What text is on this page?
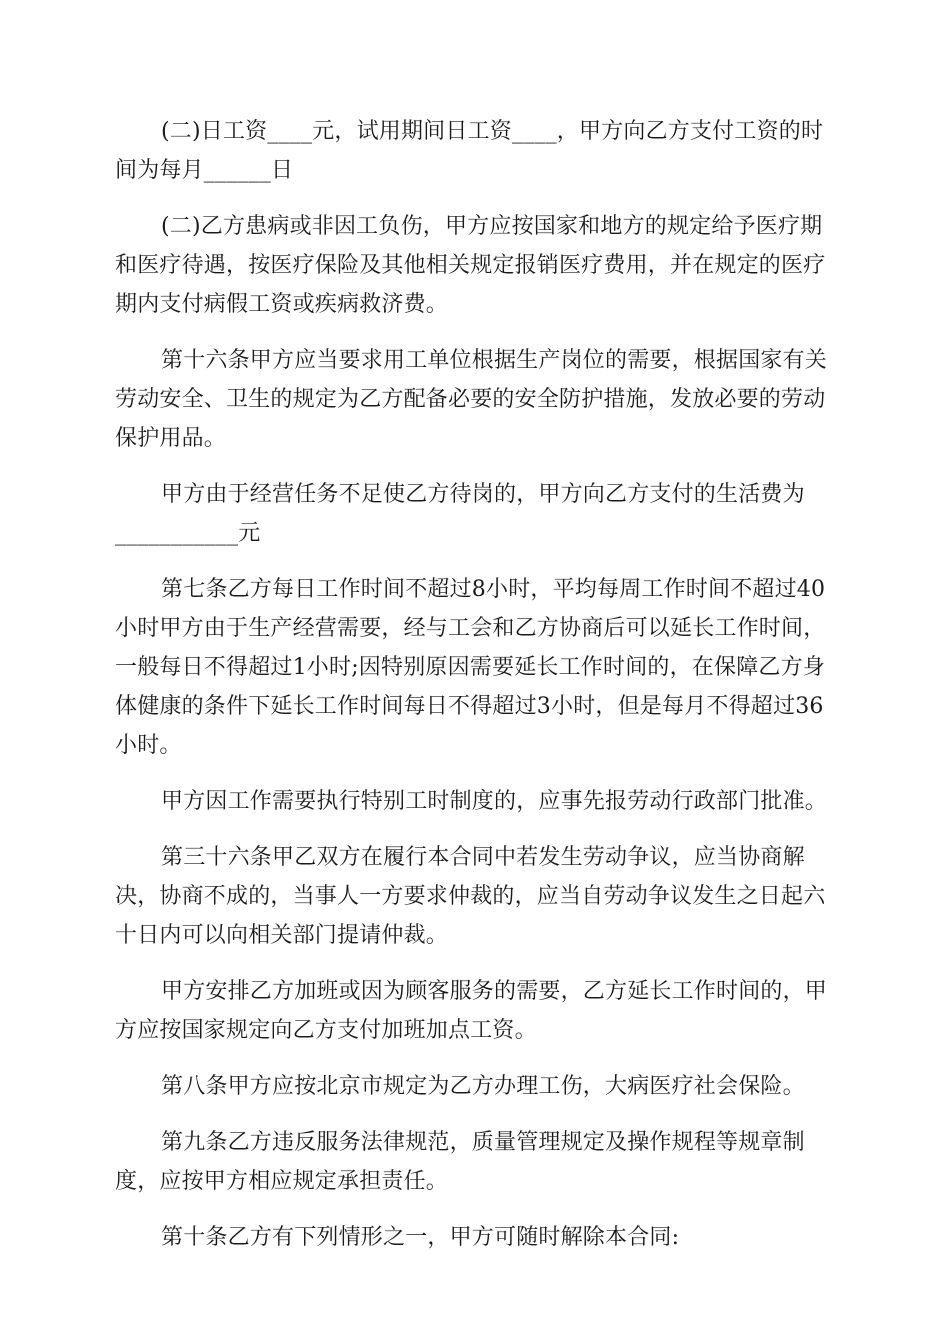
(二)日工资____元，试用期间日工资____，甲方向乙方支付工资的时间为每月______日

(二)乙方患病或非因工负伤，甲方应按国家和地方的规定给予医疗期和医疗待遇，按医疗保险及其他相关规定报销医疗费用，并在规定的医疗期内支付病假工资或疾病救济费。

第十六条甲方应当要求用工单位根据生产岗位的需要，根据国家有关劳动安全、卫生的规定为乙方配备必要的安全防护措施，发放必要的劳动保护用品。

甲方由于经营任务不足使乙方待岗的，甲方向乙方支付的生活费为___________元

第七条乙方每日工作时间不超过8小时，平均每周工作时间不超过40小时甲方由于生产经营需要，经与工会和乙方协商后可以延长工作时间，一般每日不得超过1小时;因特别原因需要延长工作时间的，在保障乙方身体健康的条件下延长工作时间每日不得超过3小时，但是每月不得超过36小时。

甲方因工作需要执行特别工时制度的，应事先报劳动行政部门批准。

第三十六条甲乙双方在履行本合同中若发生劳动争议，应当协商解决，协商不成的，当事人一方要求仲裁的，应当自劳动争议发生之日起六十日内可以向相关部门提请仲裁。

甲方安排乙方加班或因为顾客服务的需要，乙方延长工作时间的，甲方应按国家规定向乙方支付加班加点工资。

第八条甲方应按北京市规定为乙方办理工伤，大病医疗社会保险。

第九条乙方违反服务法律规范，质量管理规定及操作规程等规章制度，应按甲方相应规定承担责任。

第十条乙方有下列情形之一，甲方可随时解除本合同:
